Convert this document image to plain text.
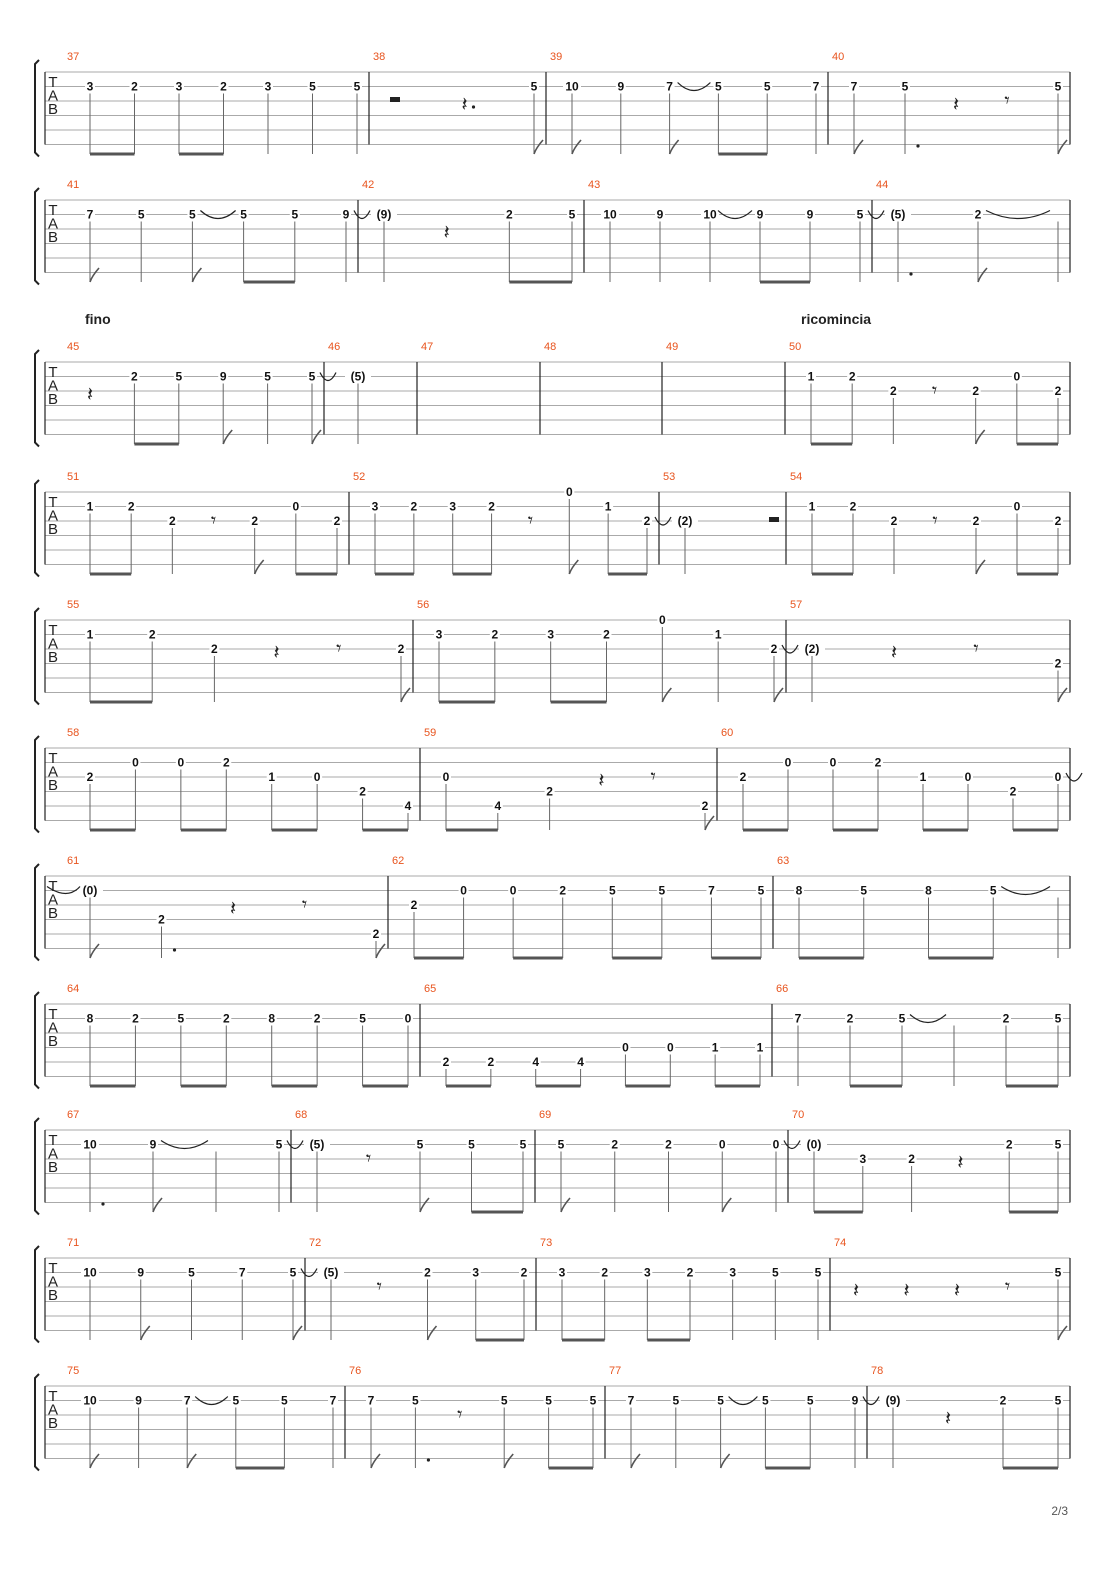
T
A
B
37
3	2	3	2	3	5	5
38
𝄽
5
39
10	9	7	5	5	7
40
7	5
𝄽 𝄾
5
T
A
B
41
7	5	5	5	5	9
42
(9)
𝄽
2	5
43
10	9	10	9	9	5
44
(5)	2
T
A
B
45
𝄽
2	5	9	5	5
46
(5)
47	48	49	50
1	2
2 𝄾	2
0
2
T
A
B
51
1	2
2 𝄾	2
0
2
52
3	2	3	2
𝄾
0
1
2
53
(2)
54
1	2
2 𝄾	2
0
2
T
A
B
55
1	2
2	𝄽	𝄾	2
56
3	2	3	2
0
1
2
57
(2)	𝄽	𝄾
2
T
A
B
58
2
0	0	2
1	0
2
4
59
0
4
2 𝄽 𝄾
2
60
2
0	0	2
1	0
2
0
T
A
B
61
(0)
2	𝄽	𝄾
2
62
2
0	0	2	5	5	7	5
63
8	5	8	5
T
A
B
64
8	2	5	2	8	2	5	0
65
2	2	4	4
0	0	1	1
66
7	2	5	2	5
T
A
B
67
10	9	5
68
(5)
𝄾
5	5	5
69
5	2	2	0	0
70
(0)
3	2 𝄽
2	5
T
A
B
71
10	9	5	7	5
72
(5)
𝄾
2	3	2
73
3	2	3	2	3	5	5
74
𝄽 𝄽 𝄽 𝄾
5
T
A
B
75
10	9	7	5	5	7
76
7	5
𝄾
5	5	5
77
7	5	5	5	5	9
78
(9)
𝄽
2	5
fino	ricomincia
2/3
